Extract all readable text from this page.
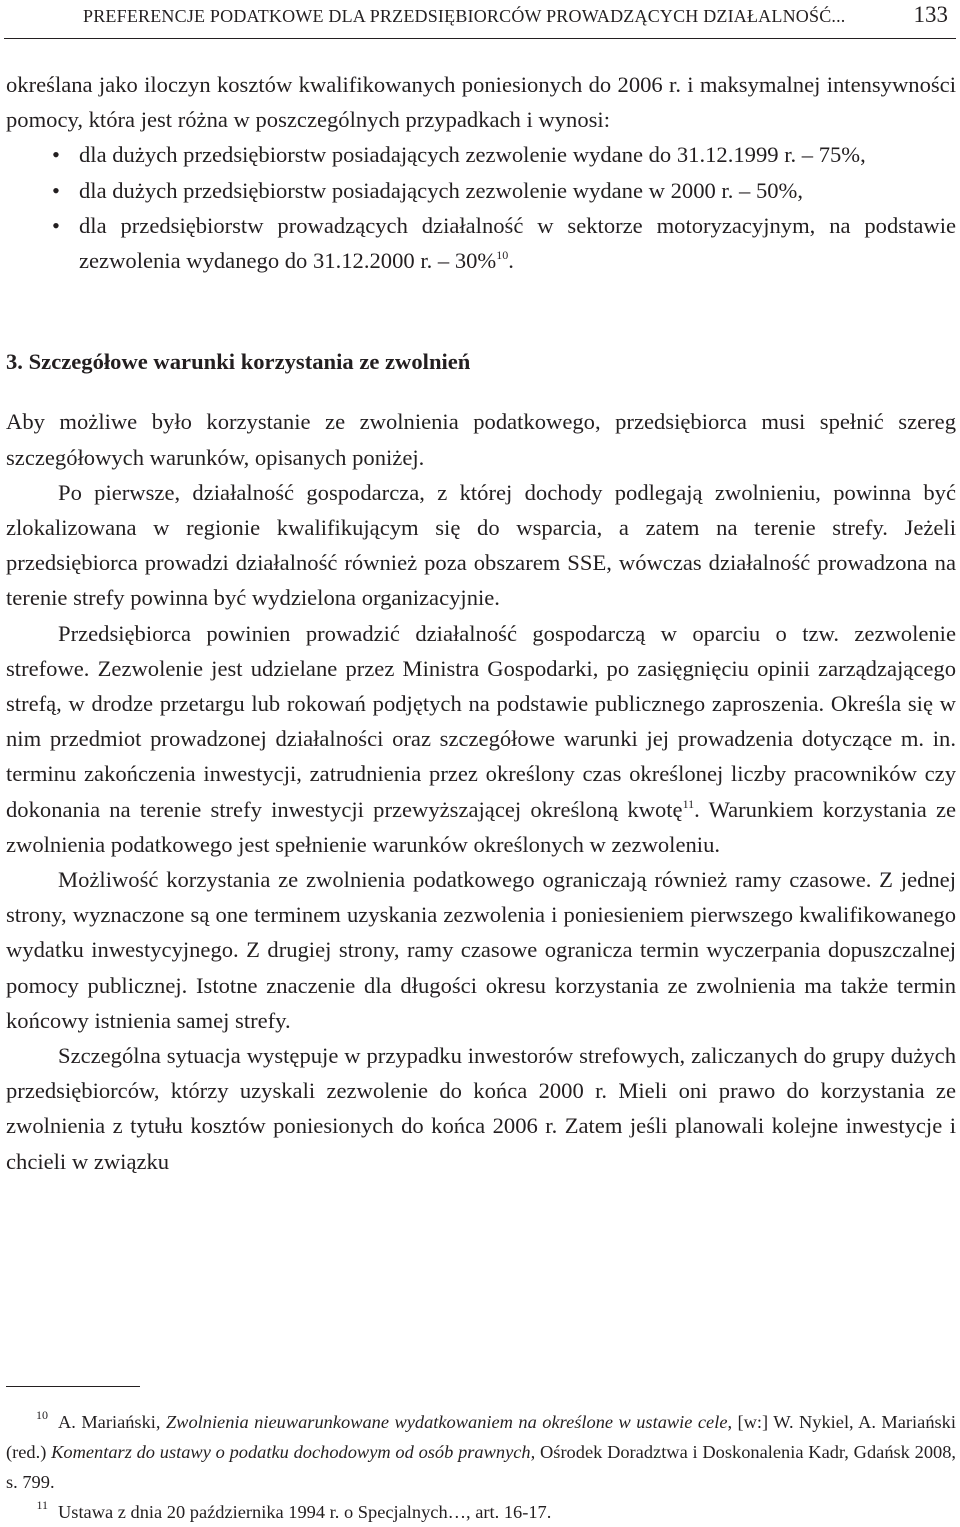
PREFERENCJE PODATKOWE DLA PRZEDSIĘBIORCÓW PROWADZĄCYCH DZIAŁALNOŚĆ...	133

określana jako iloczyn kosztów kwalifikowanych poniesionych do 2006 r. i maksymalnej intensywności pomocy, która jest różna w poszczególnych przypadkach i wynosi:

• dla dużych przedsiębiorstw posiadających zezwolenie wydane do 31.12.1999 r. – 75%,
• dla dużych przedsiębiorstw posiadających zezwolenie wydane w 2000 r. – 50%,
• dla przedsiębiorstw prowadzących działalność w sektorze motoryzacyjnym, na podstawie zezwolenia wydanego do 31.12.2000 r. – 30%$^{10}$.
3. Szczegółowe warunki korzystania ze zwolnień

Aby możliwe było korzystanie ze zwolnienia podatkowego, przedsiębiorca musi spełnić szereg szczegółowych warunków, opisanych poniżej.

Po pierwsze, działalność gospodarcza, z której dochody podlegają zwolnieniu, powinna być zlokalizowana w regionie kwalifikującym się do wsparcia, a zatem na terenie strefy. Jeżeli przedsiębiorca prowadzi działalność również poza obszarem SSE, wówczas działalność prowadzona na terenie strefy powinna być wydzielona organizacyjnie.

Przedsiębiorca powinien prowadzić działalność gospodarczą w oparciu o tzw. zezwolenie strefowe. Zezwolenie jest udzielane przez Ministra Gospodarki, po zasięgnięciu opinii zarządzającego strefą, w drodze przetargu lub rokowań podjętych na podstawie publicznego zaproszenia. Określa się w nim przedmiot prowadzonej działalności oraz szczegółowe warunki jej prowadzenia dotyczące m. in. terminu zakończenia inwestycji, zatrudnienia przez określony czas określonej liczby pracowników czy dokonania na terenie strefy inwestycji przewyższającej określoną kwotę$^{11}$. Warunkiem korzystania ze zwolnienia podatkowego jest spełnienie warunków określonych w zezwoleniu.

Możliwość korzystania ze zwolnienia podatkowego ograniczają również ramy czasowe. Z jednej strony, wyznaczone są one terminem uzyskania zezwolenia i poniesieniem pierwszego kwalifikowanego wydatku inwestycyjnego. Z drugiej strony, ramy czasowe ogranicza termin wyczerpania dopuszczalnej pomocy publicznej. Istotne znaczenie dla długości okresu korzystania ze zwolnienia ma także termin końcowy istnienia samej strefy.

Szczególna sytuacja występuje w przypadku inwestorów strefowych, zaliczanych do grupy dużych przedsiębiorców, którzy uzyskali zezwolenie do końca 2000 r. Mieli oni prawo do korzystania ze zwolnienia z tytułu kosztów poniesionych do końca 2006 r. Zatem jeśli planowali kolejne inwestycje i chcieli w związku

$^{10}$ A. Mariański, Zwolnienia nieuwarunkowane wydatkowaniem na określone w ustawie cele, [w:] W. Nykiel, A. Mariański (red.) Komentarz do ustawy o podatku dochodowym od osób prawnych, Ośrodek Doradztwa i Doskonalenia Kadr, Gdańsk 2008, s. 799.

$^{11}$ Ustawa z dnia 20 października 1994 r. o Specjalnych…, art. 16-17.
